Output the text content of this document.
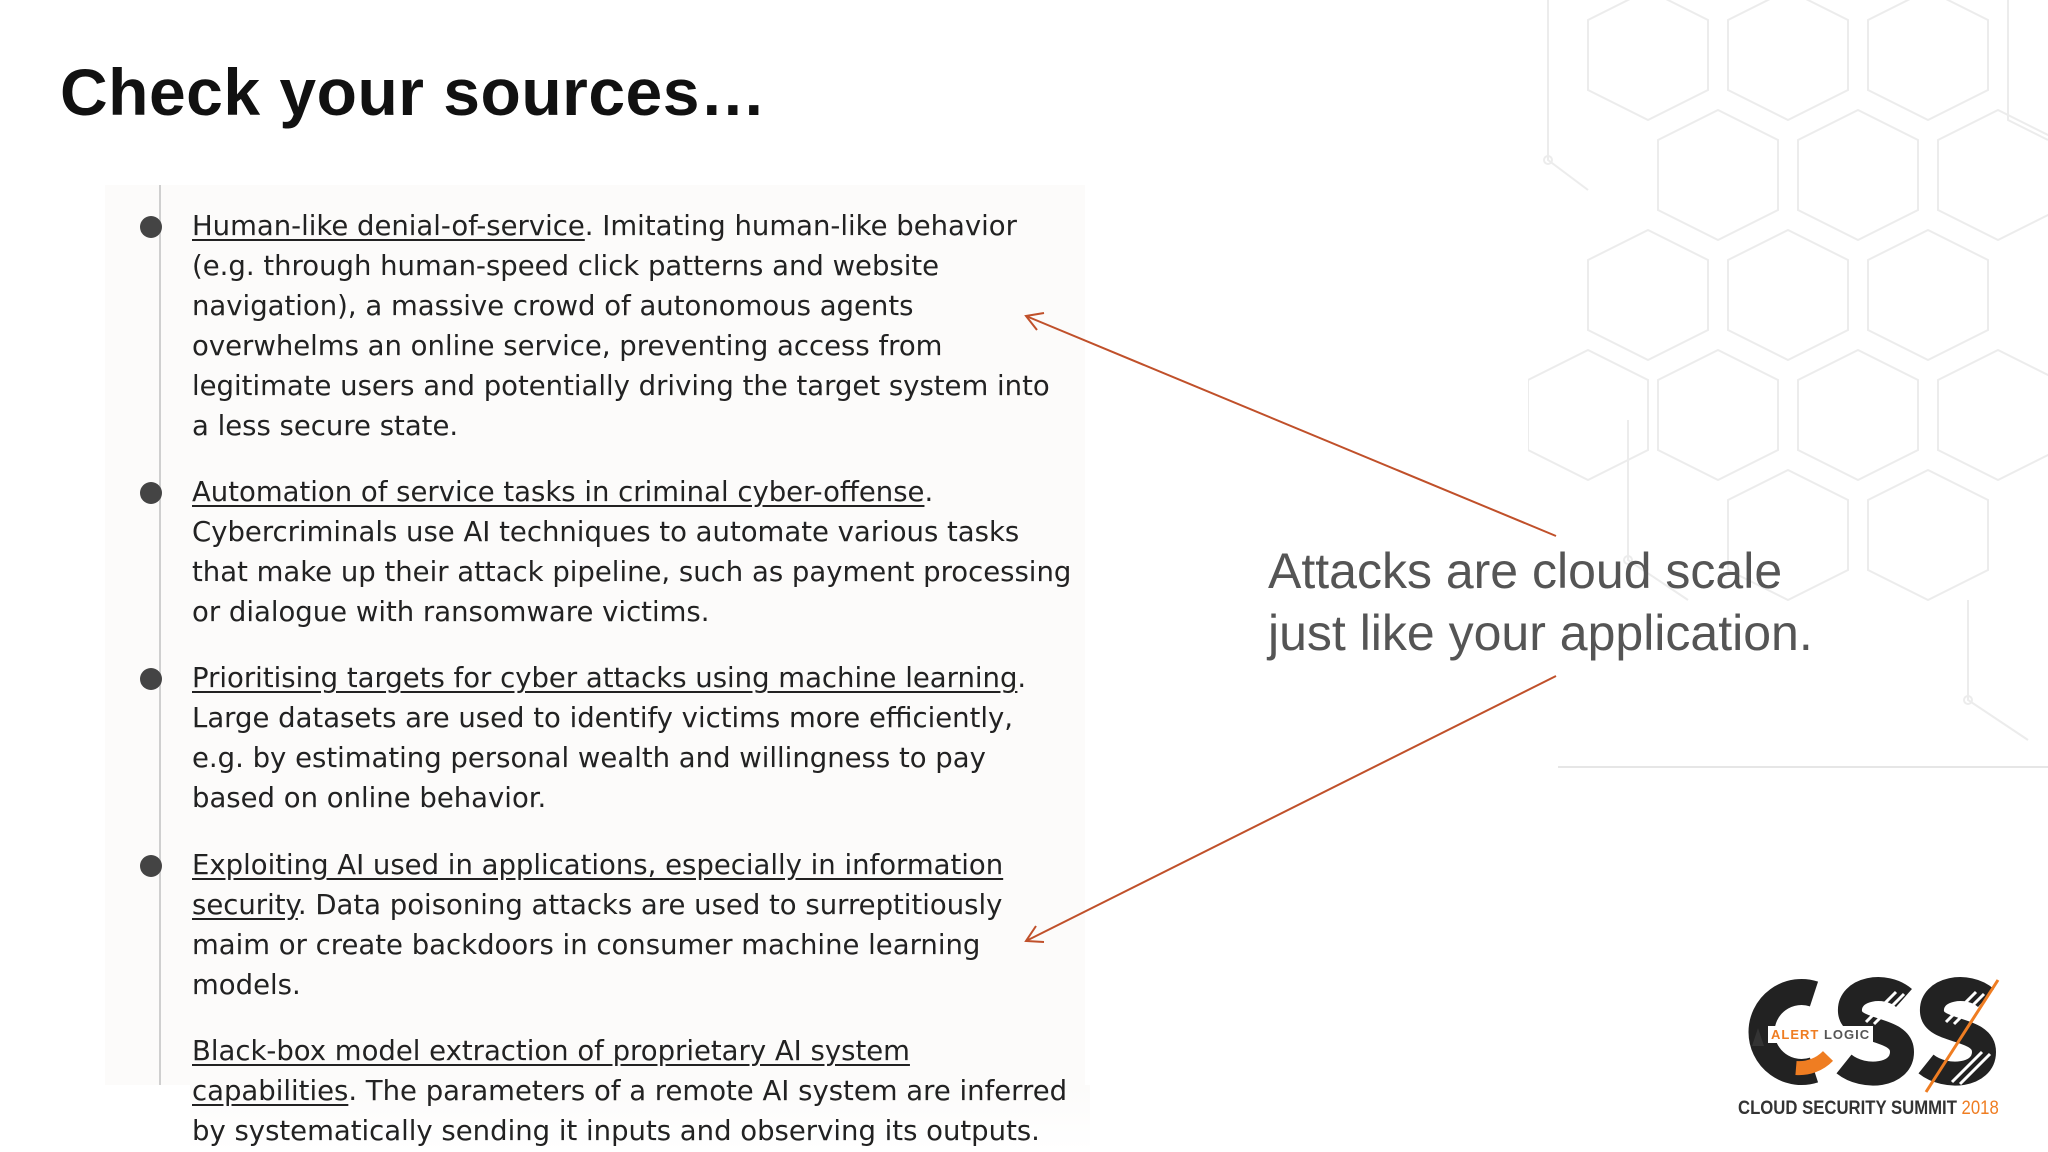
Check your sources…
Human-like denial-of-service. Imitating human-like behavior (e.g. through human-speed click patterns and website navigation), a massive crowd of autonomous agents overwhelms an online service, preventing access from legitimate users and potentially driving the target system into a less secure state.
Automation of service tasks in criminal cyber-offense. Cybercriminals use AI techniques to automate various tasks that make up their attack pipeline, such as payment processing or dialogue with ransomware victims.
Prioritising targets for cyber attacks using machine learning. Large datasets are used to identify victims more efficiently, e.g. by estimating personal wealth and willingness to pay based on online behavior.
Exploiting AI used in applications, especially in information security. Data poisoning attacks are used to surreptitiously maim or create backdoors in consumer machine learning models.
Black-box model extraction of proprietary AI system capabilities. The parameters of a remote AI system are inferred by systematically sending it inputs and observing its outputs.
Attacks are cloud scale
just like your application.
ALERT LOGIC
CLOUD SECURITY SUMMIT 2018
